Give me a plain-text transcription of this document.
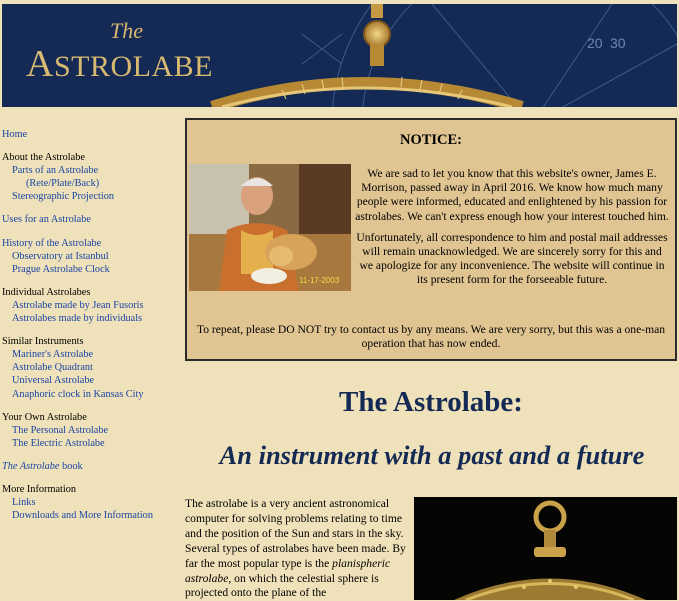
20 30
The
ASTROLABE
Home
About the Astrolabe
Parts of an Astrolabe
(Rete/Plate/Back)
Stereographic Projection
Uses for an Astrolabe
History of the Astrolabe
Observatory at Istanbul
Prague Astrolabe Clock
Individual Astrolabes
Astrolabe made by Jean Fusoris
Astrolabes made by individuals
Similar Instruments
Mariner's Astrolabe
Astrolabe Quadrant
Universal Astrolabe
Anaphoric clock in Kansas City
Your Own Astrolabe
The Personal Astrolabe
The Electric Astrolabe
The Astrolabe book
More Information
Links
Downloads and More Information
NOTICE:
11-17-2003

We are sad to let you know that this website's owner, James E. Morrison, passed away in April 2016. We know how much many people were informed, educated and enlightened by his passion for astrolabes. We can't express enough how your interest touched him.

Unfortunately, all correspondence to him and postal mail addresses will remain unacknowledged. We are sincerely sorry for this and we apologize for any inconvenience. The website will continue in its present form for the forseeable future.

To repeat, please DO NOT try to contact us by any means. We are very sorry, but this was a one-man operation that has now ended.
The Astrolabe:
An instrument with a past and a future
The astrolabe is a very ancient astronomical computer for solving problems relating to time and the position of the Sun and stars in the sky. Several types of astrolabes have been made. By far the most popular type is the planispheric astrolabe, on which the celestial sphere is projected onto the plane of the
